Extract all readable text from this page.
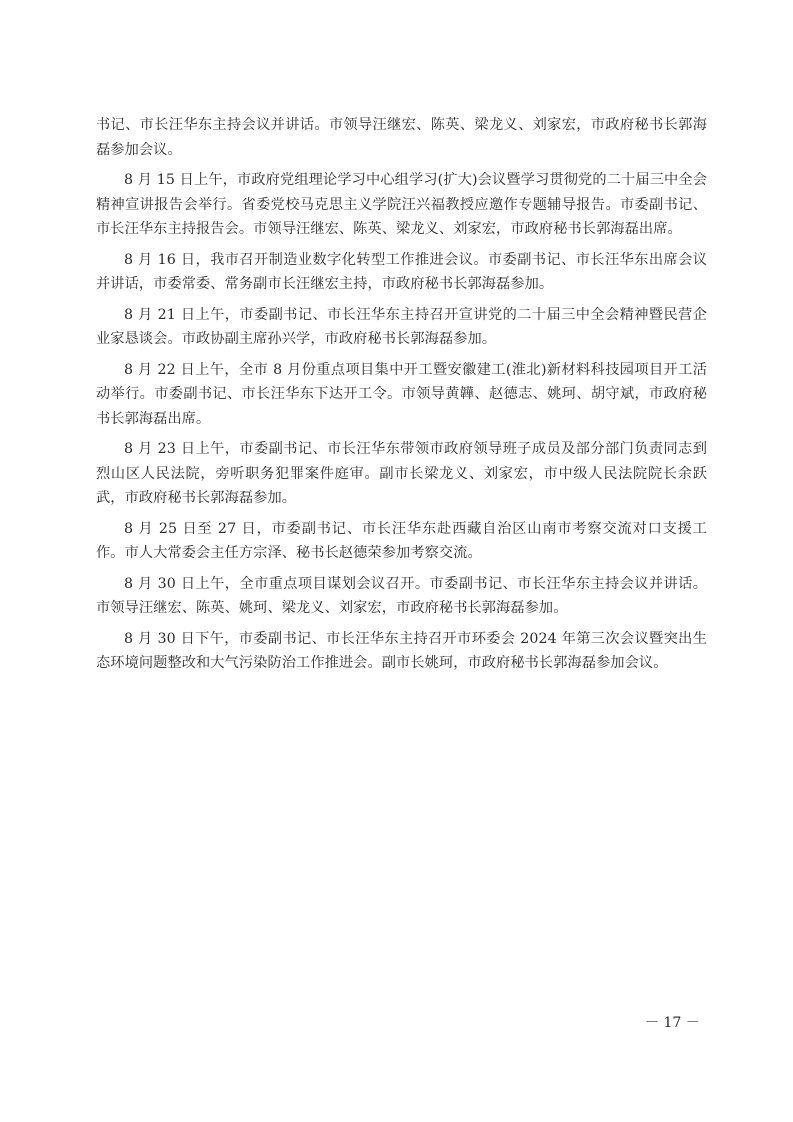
书记、市长汪华东主持会议并讲话。市领导汪继宏、陈英、梁龙义、刘家宏，市政府秘书长郭海磊参加会议。

8 月 15 日上午，市政府党组理论学习中心组学习(扩大)会议暨学习贯彻党的二十届三中全会精神宣讲报告会举行。省委党校马克思主义学院汪兴福教授应邀作专题辅导报告。市委副书记、市长汪华东主持报告会。市领导汪继宏、陈英、梁龙义、刘家宏，市政府秘书长郭海磊出席。

8 月 16 日，我市召开制造业数字化转型工作推进会议。市委副书记、市长汪华东出席会议并讲话，市委常委、常务副市长汪继宏主持，市政府秘书长郭海磊参加。

8 月 21 日上午，市委副书记、市长汪华东主持召开宣讲党的二十届三中全会精神暨民营企业家恳谈会。市政协副主席孙兴学，市政府秘书长郭海磊参加。

8 月 22 日上午，全市 8 月份重点项目集中开工暨安徽建工(淮北)新材料科技园项目开工活动举行。市委副书记、市长汪华东下达开工令。市领导黄韡、赵德志、姚珂、胡守斌，市政府秘书长郭海磊出席。

8 月 23 日上午，市委副书记、市长汪华东带领市政府领导班子成员及部分部门负责同志到烈山区人民法院，旁听职务犯罪案件庭审。副市长梁龙义、刘家宏，市中级人民法院院长余跃武，市政府秘书长郭海磊参加。

8 月 25 日至 27 日，市委副书记、市长汪华东赴西藏自治区山南市考察交流对口支援工作。市人大常委会主任方宗泽、秘书长赵德荣参加考察交流。

8 月 30 日上午，全市重点项目谋划会议召开。市委副书记、市长汪华东主持会议并讲话。市领导汪继宏、陈英、姚珂、梁龙义、刘家宏，市政府秘书长郭海磊参加。

8 月 30 日下午，市委副书记、市长汪华东主持召开市环委会 2024 年第三次会议暨突出生态环境问题整改和大气污染防治工作推进会。副市长姚珂，市政府秘书长郭海磊参加会议。

－ 17 －
